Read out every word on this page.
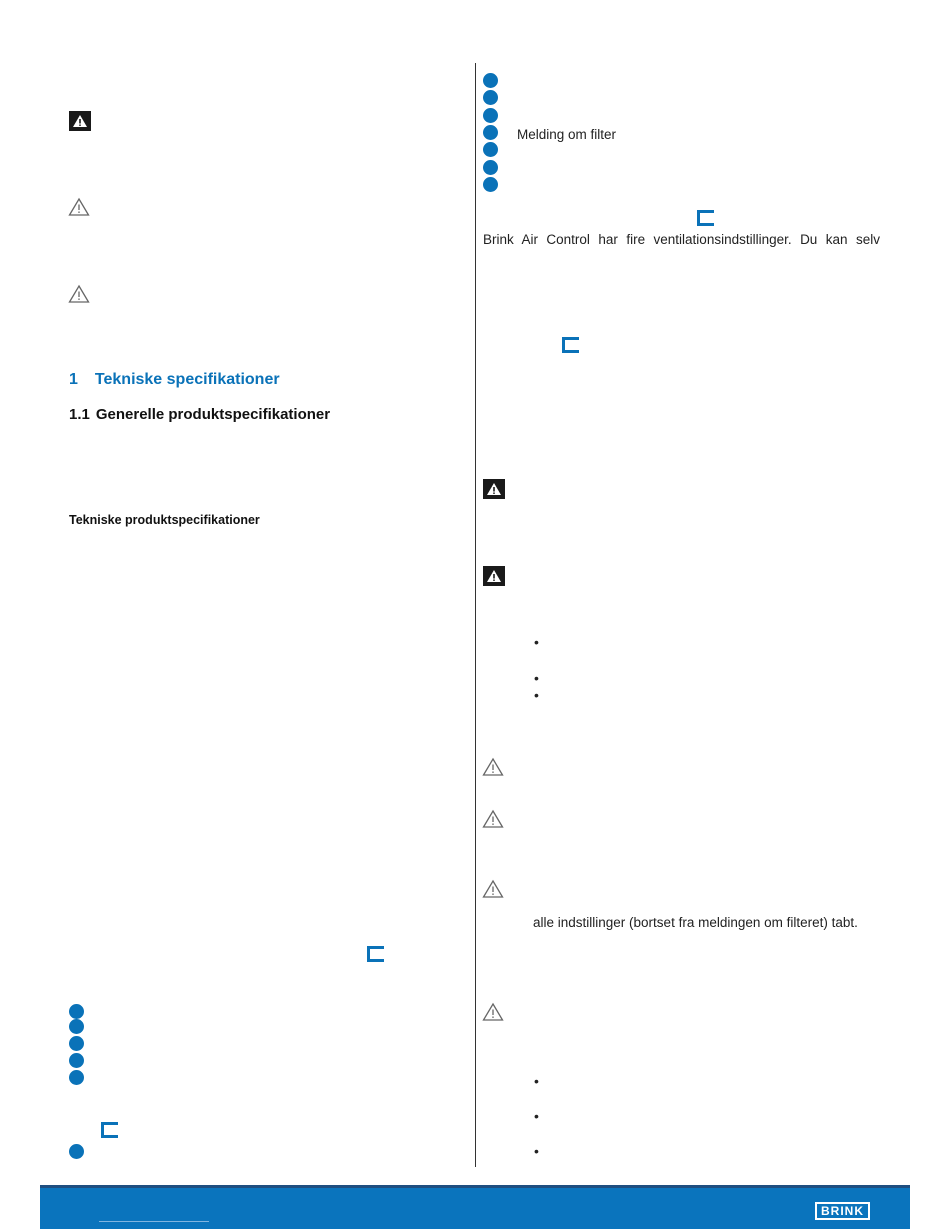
1 Tekniske specifikationer
1.1 Generelle produktspecifikationer
Tekniske produktspecifikationer
Melding om filter
Brink Air Control har fire ventilationsindstillinger. Du kan selv
•
•
•
alle indstillinger (bortset fra meldingen om filteret) tabt.
•
•
•
BRINK
